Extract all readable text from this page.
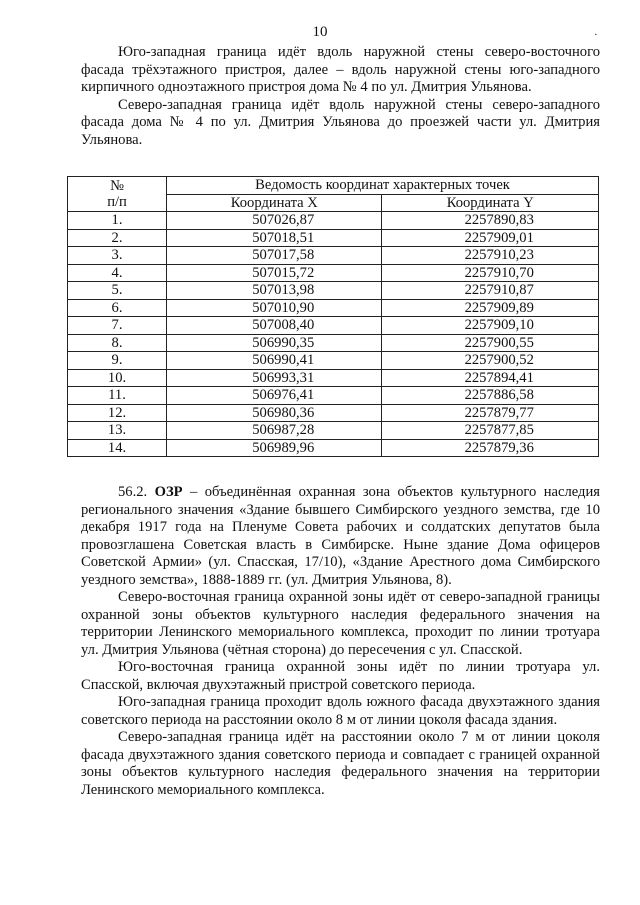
10	·

Юго-западная граница идёт вдоль наружной стены северо-восточного фасада трёхэтажного пристроя, далее – вдоль наружной стены юго-западного кирпичного одноэтажного пристроя дома № 4 по ул. Дмитрия Ульянова.

Северо-западная граница идёт вдоль наружной стены северо-западного фасада дома № 4 по ул. Дмитрия Ульянова до проезжей части ул. Дмитрия Ульянова.

№
п/п	Ведомость координат характерных точек	
	Координата X	Координата Y
1.	507026,87	2257890,83
2.	507018,51	2257909,01
3.	507017,58	2257910,23
4.	507015,72	2257910,70
5.	507013,98	2257910,87
6.	507010,90	2257909,89
7.	507008,40	2257909,10
8.	506990,35	2257900,55
9.	506990,41	2257900,52
10.	506993,31	2257894,41
11.	506976,41	2257886,58
12.	506980,36	2257879,77
13.	506987,28	2257877,85
14.	506989,96	2257879,36

56.2. ОЗР – объединённая охранная зона объектов культурного наследия регионального значения «Здание бывшего Симбирского уездного земства, где 10 декабря 1917 года на Пленуме Совета рабочих и солдатских депутатов была провозглашена Советская власть в Симбирске. Ныне здание Дома офицеров Советской Армии» (ул. Спасская, 17/10), «Здание Арестного дома Симбирского уездного земства», 1888-1889 гг. (ул. Дмитрия Ульянова, 8).

Северо-восточная граница охранной зоны идёт от северо-западной границы охранной зоны объектов культурного наследия федерального значения на территории Ленинского мемориального комплекса, проходит по линии тротуара ул. Дмитрия Ульянова (чётная сторона) до пересечения с ул. Спасской.

Юго-восточная граница охранной зоны идёт по линии тротуара ул. Спасской, включая двухэтажный пристрой советского периода.

Юго-западная граница проходит вдоль южного фасада двухэтажного здания советского периода на расстоянии около 8 м от линии цоколя фасада здания.

Северо-западная граница идёт на расстоянии около 7 м от линии цоколя фасада двухэтажного здания советского периода и совпадает с границей охранной зоны объектов культурного наследия федерального значения на территории Ленинского мемориального комплекса.
